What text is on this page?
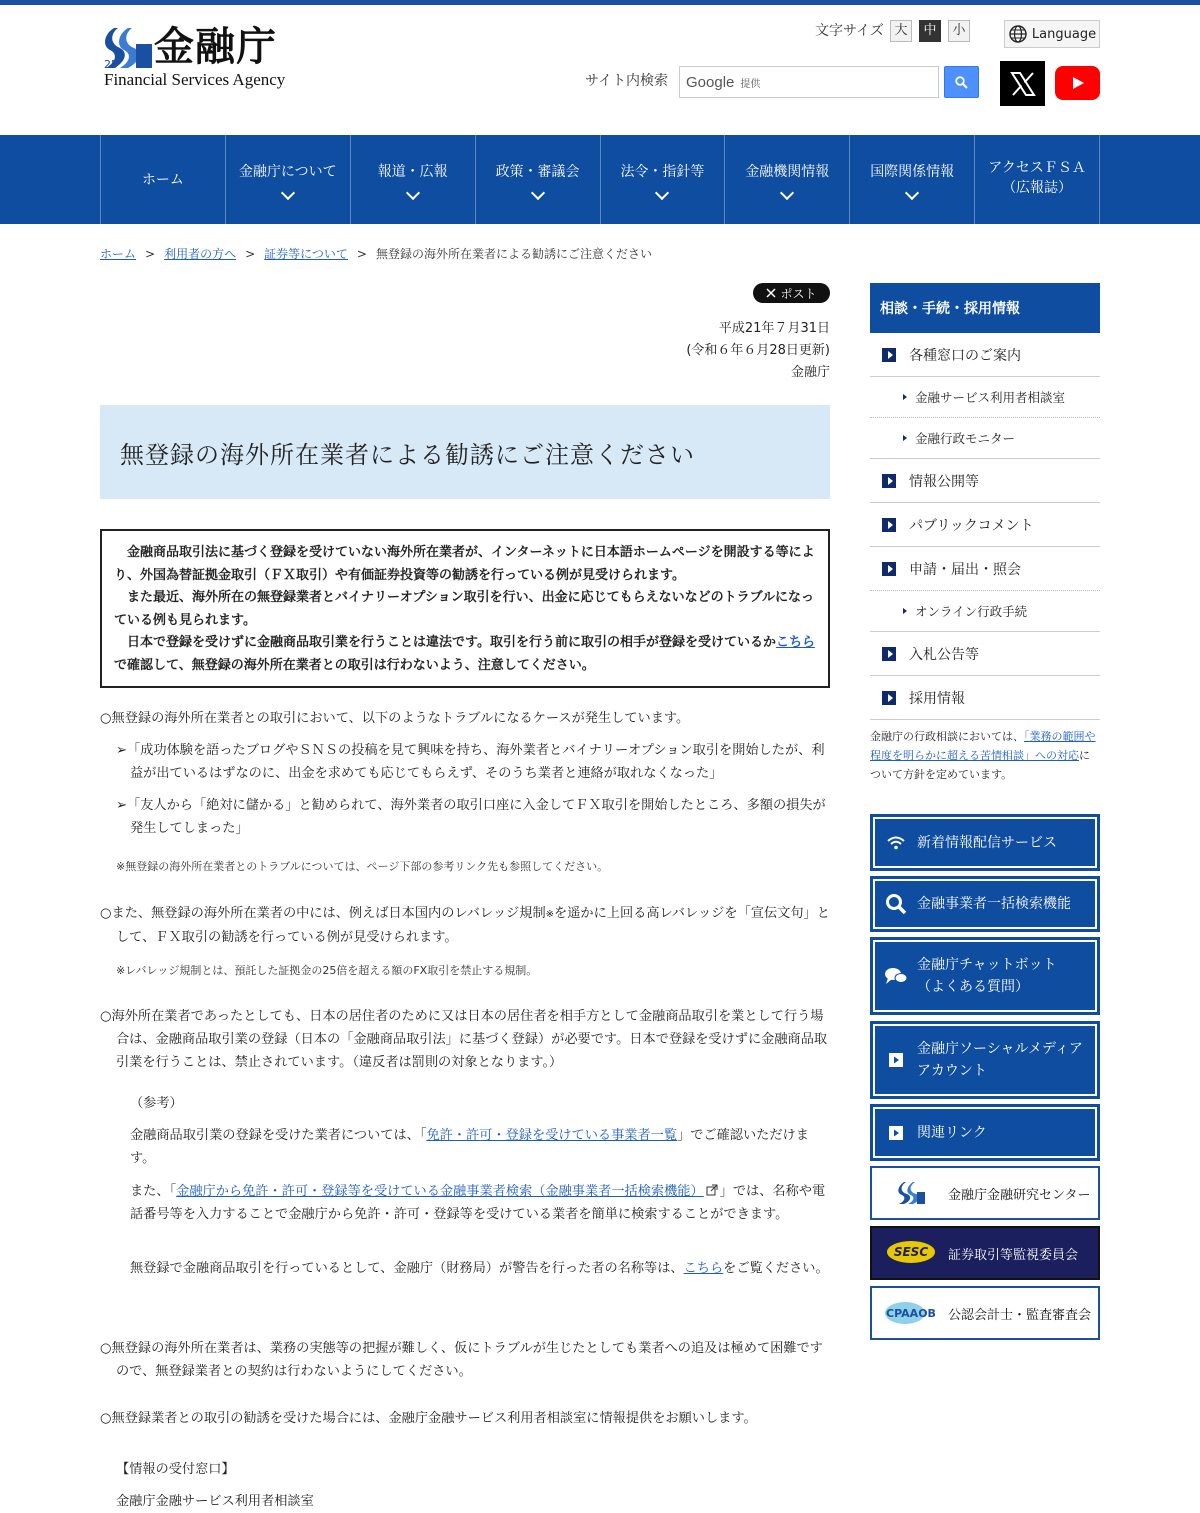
25 金融庁
Financial Services Agency
文字サイズ 大	中	小	Language
サイト内検索 Google 提供
ホーム	金融庁について	報道・広報	政策・審議会	法令・指針等	金融機関情報	国際関係情報 アクセスＦＳＡ
（広報誌）
ホーム > 利用者の方へ > 証券等について > 無登録の海外所在業者による勧誘にご注意ください
ポスト
平成21年７月31日
(令和６年６月28日更新)
金融庁
無登録の海外所在業者による勧誘にご注意ください

金融商品取引法に基づく登録を受けていない海外所在業者が、インターネットに日本語ホームページを開設する等により、外国為替証拠金取引（ＦＸ取引）や有価証券投資等の勧誘を行っている例が見受けられます。

また最近、海外所在の無登録業者とバイナリーオプション取引を行い、出金に応じてもらえないなどのトラブルになっている例も見られます。

日本で登録を受けずに金融商品取引業を行うことは違法です。取引を行う前に取引の相手が登録を受けているかこちらで確認して、無登録の海外所在業者との取引は行わないよう、注意してください。

○無登録の海外所在業者との取引において、以下のようなトラブルになるケースが発生しています。
➢「成功体験を語ったブログやＳＮＳの投稿を見て興味を持ち、海外業者とバイナリーオプション取引を開始したが、利益が出ているはずなのに、出金を求めても応じてもらえず、そのうち業者と連絡が取れなくなった」
➢「友人から「絶対に儲かる」と勧められて、海外業者の取引口座に入金してＦＸ取引を開始したところ、多額の損失が発生してしまった」
※無登録の海外所在業者とのトラブルについては、ページ下部の参考リンク先も参照してください。
○また、無登録の海外所在業者の中には、例えば日本国内のレバレッジ規制※を遥かに上回る高レバレッジを「宣伝文句」として、ＦＸ取引の勧誘を行っている例が見受けられます。
※レバレッジ規制とは、預託した証拠金の25倍を超える額のFX取引を禁止する規制。
○海外所在業者であったとしても、日本の居住者のために又は日本の居住者を相手方として金融商品取引を業として行う場合は、金融商品取引業の登録（日本の「金融商品取引法」に基づく登録）が必要です。日本で登録を受けずに金融商品取引業を行うことは、禁止されています。（違反者は罰則の対象となります。）
（参考）
金融商品取引業の登録を受けた業者については、「免許・許可・登録を受けている事業者一覧」でご確認いただけます。
また、「金融庁から免許・許可・登録等を受けている金融事業者検索（金融事業者一括検索機能） 」では、名称や電話番号等を入力することで金融庁から免許・許可・登録等を受けている業者を簡単に検索することができます。
無登録で金融商品取引を行っているとして、金融庁（財務局）が警告を行った者の名称等は、こちらをご覧ください。
○無登録の海外所在業者は、業務の実態等の把握が難しく、仮にトラブルが生じたとしても業者への追及は極めて困難ですので、無登録業者との契約は行わないようにしてください。
○無登録業者との取引の勧誘を受けた場合には、金融庁金融サービス利用者相談室に情報提供をお願いします。
【情報の受付窓口】
金融庁金融サービス利用者相談室
相談・手続・採用情報
各種窓口のご案内
金融サービス利用者相談室
金融行政モニター
情報公開等
パブリックコメント
申請・届出・照会
オンライン行政手続
入札公告等
採用情報
金融庁の行政相談においては、「業務の範囲や程度を明らかに超える苦情相談」への対応について方針を定めています。
新着情報配信サービス
金融事業者一括検索機能
金融庁チャットボット
（よくある質問）
金融庁ソーシャルメディア
アカウント
関連リンク
金融庁金融研究センター
SESC 証券取引等監視委員会
CPAAOB 公認会計士・監査審査会
